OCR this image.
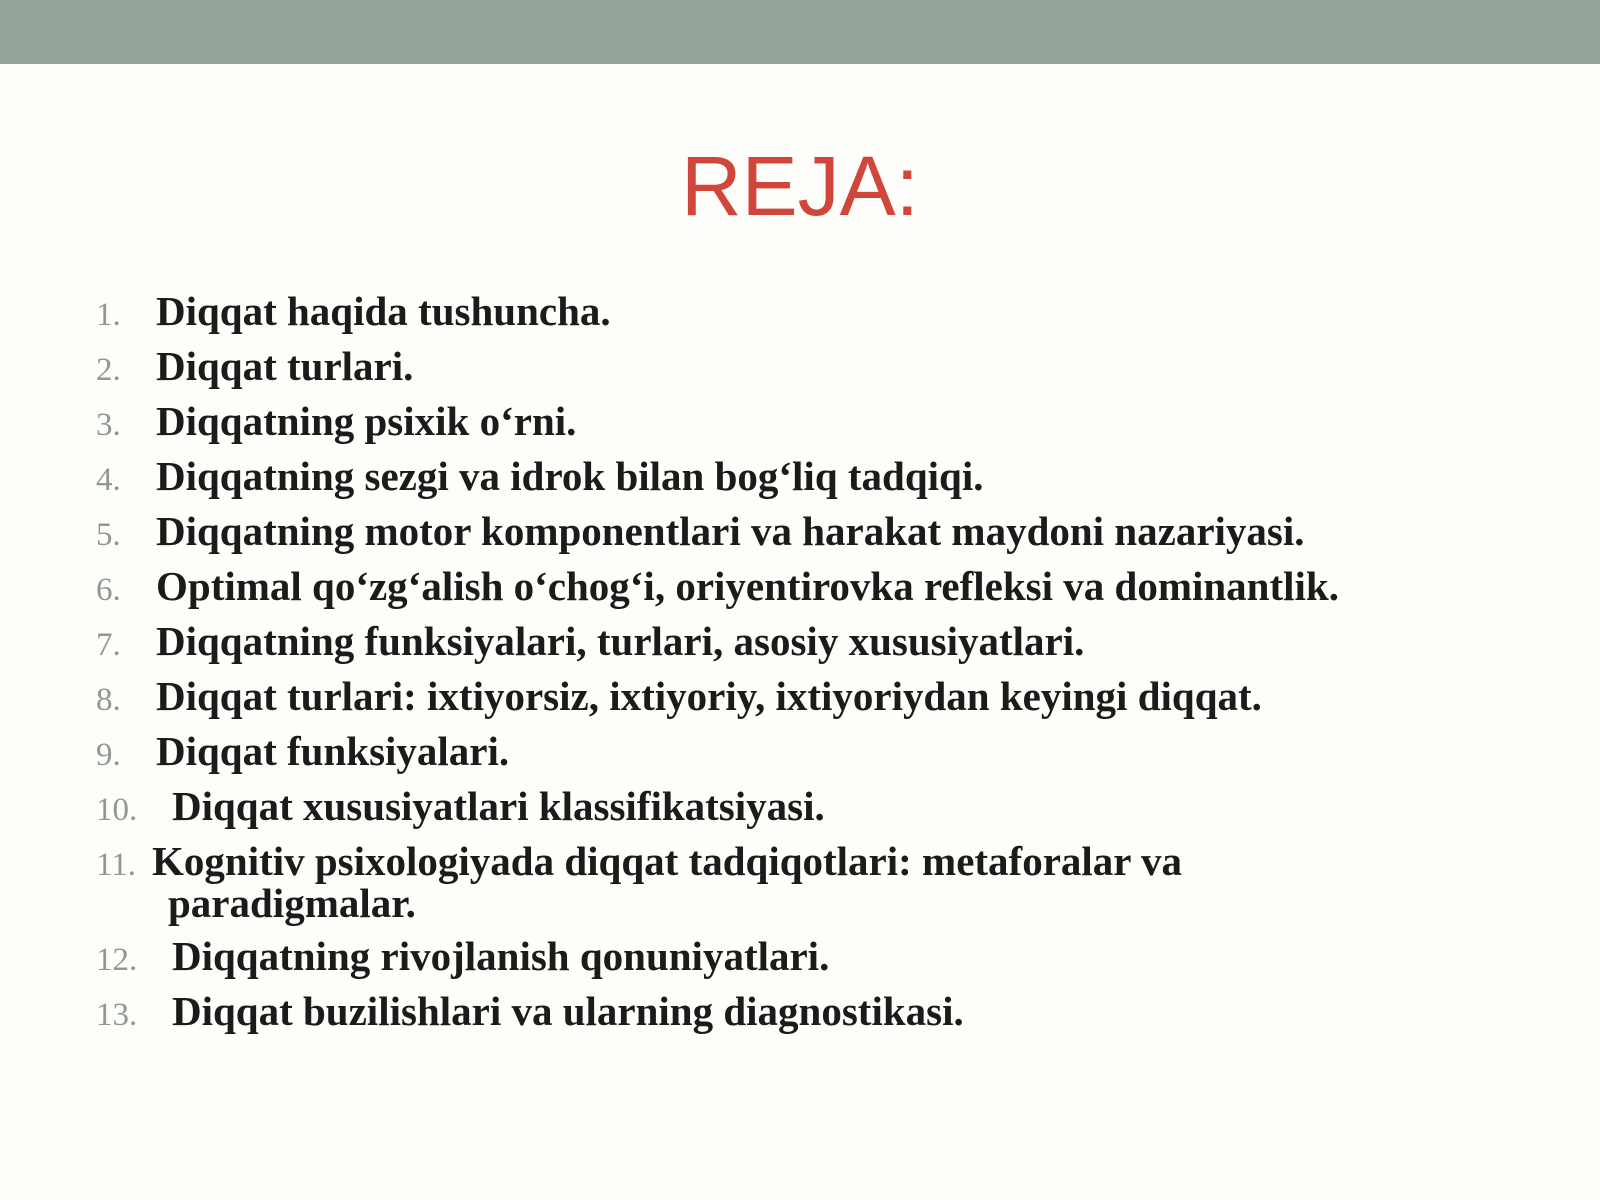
REJA:
1. Diqqat haqida tushuncha.
2. Diqqat turlari.
3. Diqqatning psixik o‘rni.
4. Diqqatning sezgi va idrok bilan bog‘liq tadqiqi.
5. Diqqatning motor komponentlari va harakat maydoni nazariyasi.
6. Optimal qo‘zg‘alish o‘chog‘i, oriyentirovka refleksi va dominantlik.
7. Diqqatning funksiyalari, turlari, asosiy xususiyatlari.
8. Diqqat turlari: ixtiyorsiz, ixtiyoriy, ixtiyoriydan keyingi diqqat.
9. Diqqat funksiyalari.
10. Diqqat xususiyatlari klassifikatsiyasi.
11. Kognitiv psixologiyada diqqat tadqiqotlari: metaforalar va paradigmalar.
12. Diqqatning rivojlanish qonuniyatlari.
13. Diqqat buzilishlari va ularning diagnostikasi.
